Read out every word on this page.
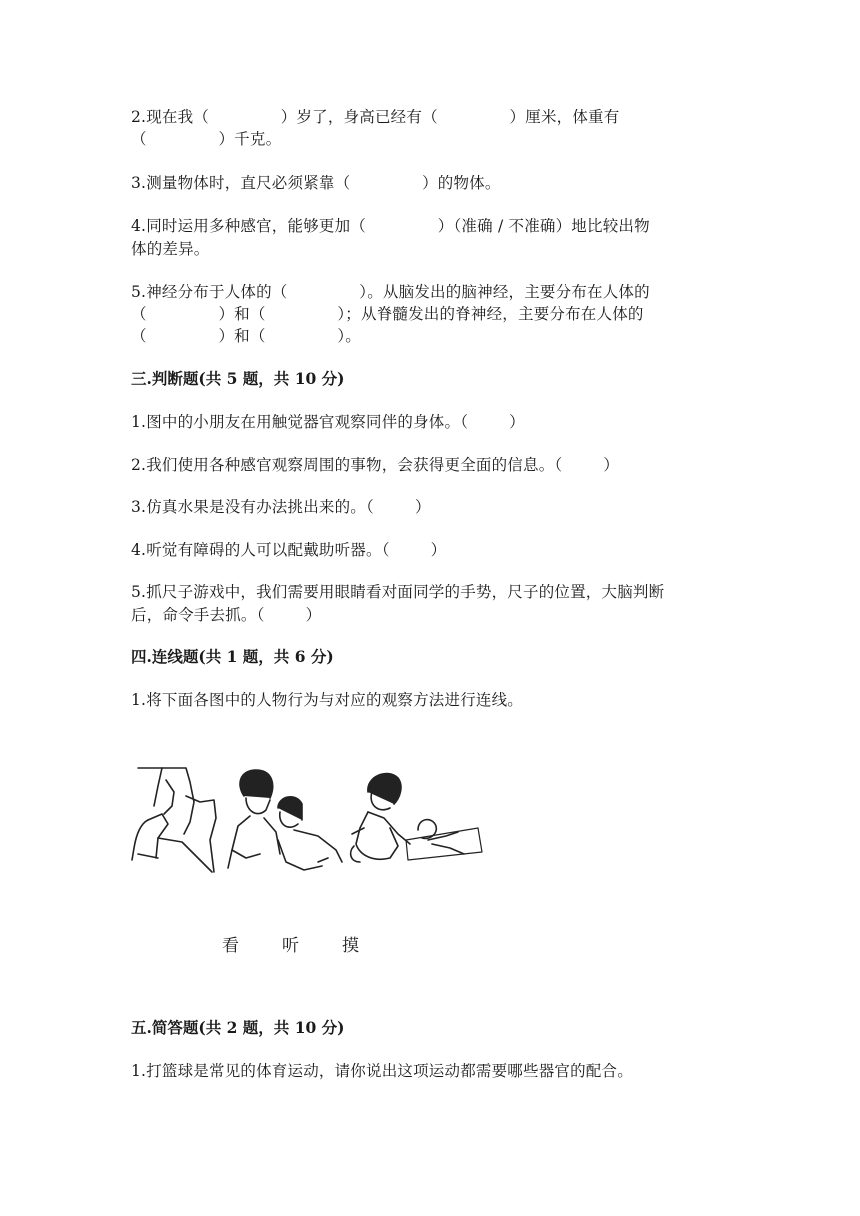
2.现在我（              ）岁了，身高已经有（              ）厘米，体重有
（              ）千克。
3.测量物体时，直尺必须紧靠（              ）的物体。
4.同时运用多种感官，能够更加（              ）（准确 / 不准确）地比较出物
体的差异。
5.神经分布于人体的（              ）。从脑发出的脑神经，主要分布在人体的
（              ）和（              ）；从脊髓发出的脊神经，主要分布在人体的
（              ）和（              ）。
三.判断题(共 5 题，共 10 分)
1.图中的小朋友在用触觉器官观察同伴的身体。（        ）
2.我们使用各种感官观察周围的事物，会获得更全面的信息。（        ）
3.仿真水果是没有办法挑出来的。（        ）
4.听觉有障碍的人可以配戴助听器。（        ）
5.抓尺子游戏中，我们需要用眼睛看对面同学的手势，尺子的位置，大脑判断
后，命令手去抓。（        ）
四.连线题(共 1 题，共 6 分)
1.将下面各图中的人物行为与对应的观察方法进行连线。
看	听	摸
五.简答题(共 2 题，共 10 分)
1.打篮球是常见的体育运动，请你说出这项运动都需要哪些器官的配合。
